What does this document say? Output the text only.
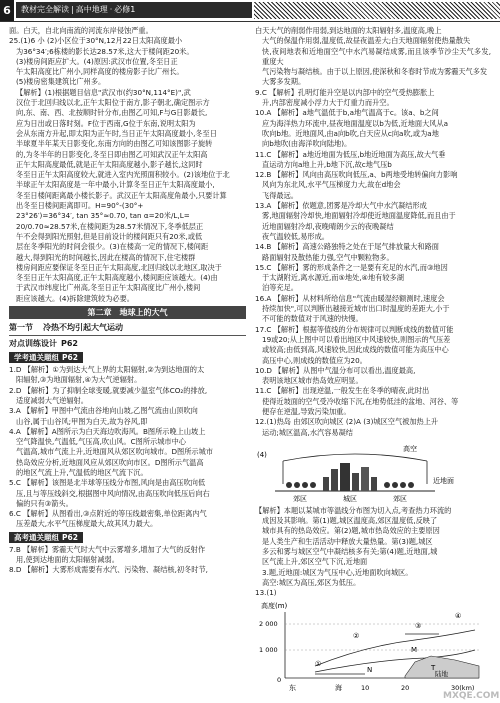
6	教材完全解读 | 高中地理 · 必修1

面。白天，自北向南流的河流东岸侵蚀严重。

25.(1)6 小 (2)小区位于30°N,12月22日太阳高度最小

为36°34′;6栋楼的影长达28.57米,这大于楼间距20米。

(3)楼房间距应扩大。(4)原因:武汉市位置,冬至日正

午太阳高度比广州小,同样高度的楼房影子比广州长。

(5)楼房密集建筑比广州多。

【解析】(1)根据题目信息"武汉市(约30°N,114°E)",武

汉位于北回归线以北,正午太阳位于南方,影子朝北,确定图示方

向,东、南、西、北按顺时针分布,由图乙可知,F与G日影最长,

应为日出或日落时刻。F位于西南,G位于东南,说明太阳为

会从东南方升起,即太阳为正午时,当日正午太阳高度最小,冬至日

半球夏半年某天日影变化,东南方向的由图乙可知该图影子旋转

的,为冬半年的日影变化,冬至日即由图乙可知武汉正午太阳高

正午太阳高度最低,就是正午太阳高度越小,影子越长,这同时

冬至日正午太阳高度较大,就进入室内光照面积较小。(2)该地位于北

半球正午太阳高度是一年中最小,计算冬至日正午太阳高度最小,

冬至日楼间距离最小楼长影子。武汉正午太阳高度角最小,只要计算

出冬至日楼间距离即可。H=90°-(30°+

23°26′)=36°34′, tan 35°≈0.70, tan α=20米/L,L=

20/0.70≈28.57米,在楼间距为28.57米情况下,冬季低层正

午不会得到阳光照射,但是目前设计的楼间距只有20米,或低

层在冬季阳光的时间会很少。(3)在楼高一定的情况下,楼间距

越大,得到阳光的时间越长,因此在楼高的情况下,住宅楼群

楼房间距应要保证冬至日正午太阳高度,北回归线以北地区,取决于

冬至日正午太阳高度,正午太阳高度越小,楼间距应该越大。(4)由

于武汉市纬度比广州高,冬至日正午太阳高度比广州小,楼间

距应该越大。(4)拆除建筑较为必要。

第二章　地球上的大气
第一节 冷热不均引起大气运动
对点训练设计 P62
学考通关题组 P62

1.D 【解析】①为到达大气上界的太阳辐射,②为到达地面的太

阳辐射,③为地面辐射,④为大气逆辐射。

2.D 【解析】为了抑制全球变暖,就要减少温室气体CO₂的排放,

适度减弱大气逆辐射。

3.A 【解析】甲图中气流由谷地向山坡,乙图气流由山顶吹向

山谷,属于山谷风;甲图为白天,故为谷风,即

4.A 【解析】A图所示为白天海边吹海风。B图所示晚上山坡上

空气降温快,气温低,气压高,吹山风。C图所示城市中心

气温高,城市气流上升,近地面风从郊区吹向城市。D图所示城市

热岛效应分析,近地面风应从郊区吹向市区。D图所示气温高

的地区气流上升,气温低的地区气流下沉。

5.C 【解析】该图是北半球等压线分布图,风向是由高压吹向低

压,且与等压线斜交,根据图中风向情况,由高压吹向低压后向右

偏的只有③箭头。

6.C 【解析】从图看出,③点附近的等压线最密集,单位距离内气

压差最大,水平气压梯度最大,故其风力最大。

高考通关题组 P62

7.B 【解析】雾霾天气时大气中云雾增多,增加了大气的反射作

用,使到达地面的太阳辐射减弱。

8.D 【解析】大雾形成需要有水汽、污染物、凝结核,初冬时节,

白天大气的削弱作用弱,到达地面的太阳辐射多,温度高,晚上

大气的保温作用弱,温度低,故昼夜温差大;白天地面辐射使热量散失

快,夜间地表和近地面空气中水汽易凝结成雾,而且该季节沙尘天气多发,重度大

气污染物与凝结核。由于以上原因,使深秋和冬春时节成为雾霾天气多发

大雾多发期。

9.C 【解析】孔明灯能升空是以内部中的空气受热膨胀上

升,内部密度减小浮力大于灯重力而升空。

10.A 【解析】a地气温低于b,a地气温高于c。该a、b之间

应为海洋热力环流中,昼夜地面温度以b为低,近地面大风从a

吹向b地。近地面风,由a向b吹,白天应从c向a吹,或为a地

向b地吹(由海洋吹向陆地)。

11.C 【解析】a地近地面为低压,b地近地面为高压,故大气垂

直运动方向a地上升,b地下沉,故c地气压b

12.B 【解析】风向由高压吹向低压,a、b两地受地转偏向力影响

风向为东北风,水平气压梯度力大,故在d地会

飞得最远。

13.A 【解析】依题意,团雾是冷却大气中水汽凝结形成

雾,地面辐射冷却快,地面辐射冷却使近地面温度降低,而且由于

近地面辐射冷却,夜晚晴朗少云的夜晚凝结

夜气温较低,易形成。

14.B 【解析】高速公路独特之处在于尾气排放量大和路面

路面辐射及散热能力强,空气中颗粒物多。

15.C 【解析】雾的形成条件之一是要有充足的水汽,而③地因

于太湖附近,离水源近,而⑤地处,④地有较多湖

泊等充足。

16.A 【解析】从材料所给信息"气流由暖湿经额测时,速度会

持续加快",可以判断出越接近城市出口时温度的差距大,小于

不可能的数值对于风速的快慢。

17.C 【解析】根据等值线的分布规律可以判断成线的数值可能

19或20;从上图中可以看出地区中风速较快,则图示的气压差

或较高;由低到高,风速较快,因此成线的数值可能为高压中心

高压中心,则成线的数值应为20。

10.D 【解析】从图中气温分布可以看出,温度最高,

表明该地区城市热岛效应明显。

11.C 【解析】出现逆温,一般发生在冬季的晴夜,此时出

使得近坡面的空气受冷收缩下沉,在地势低洼的盆地、河谷、等

便存在逆温,导致污染加重。

12.(1)热岛 由郊区吹向城区 (2)A (3)城区空气被加热上升

运动;城区温高,水汽容易凝结

(4)
高空
近地面
郊区	城区	郊区

【解析】本题以某城市等温线分布图为切入点,考查热力环流的

成因及其影响。第(1)题,城区温度高,郊区温度低,反映了

城市具有的热岛效应。第(2)题,城市热岛效应的主要原因

是人类生产和生活活动中释放大量热量。第(3)题,城区

多云和雾与城区空气中凝结核多有关;第(4)题,近地面,城

区气流上升,郊区空气下沉,近地面

3.题,近地面:城区为气压中心,近地面吹向城区。

高空:城区为高压,郊区为低压。

13.(1)

高度(m)
2 000
1 000
0
①
②
③
④
M
N	T
东	海
陆地
10	20	30(km)
MXQE.COM
